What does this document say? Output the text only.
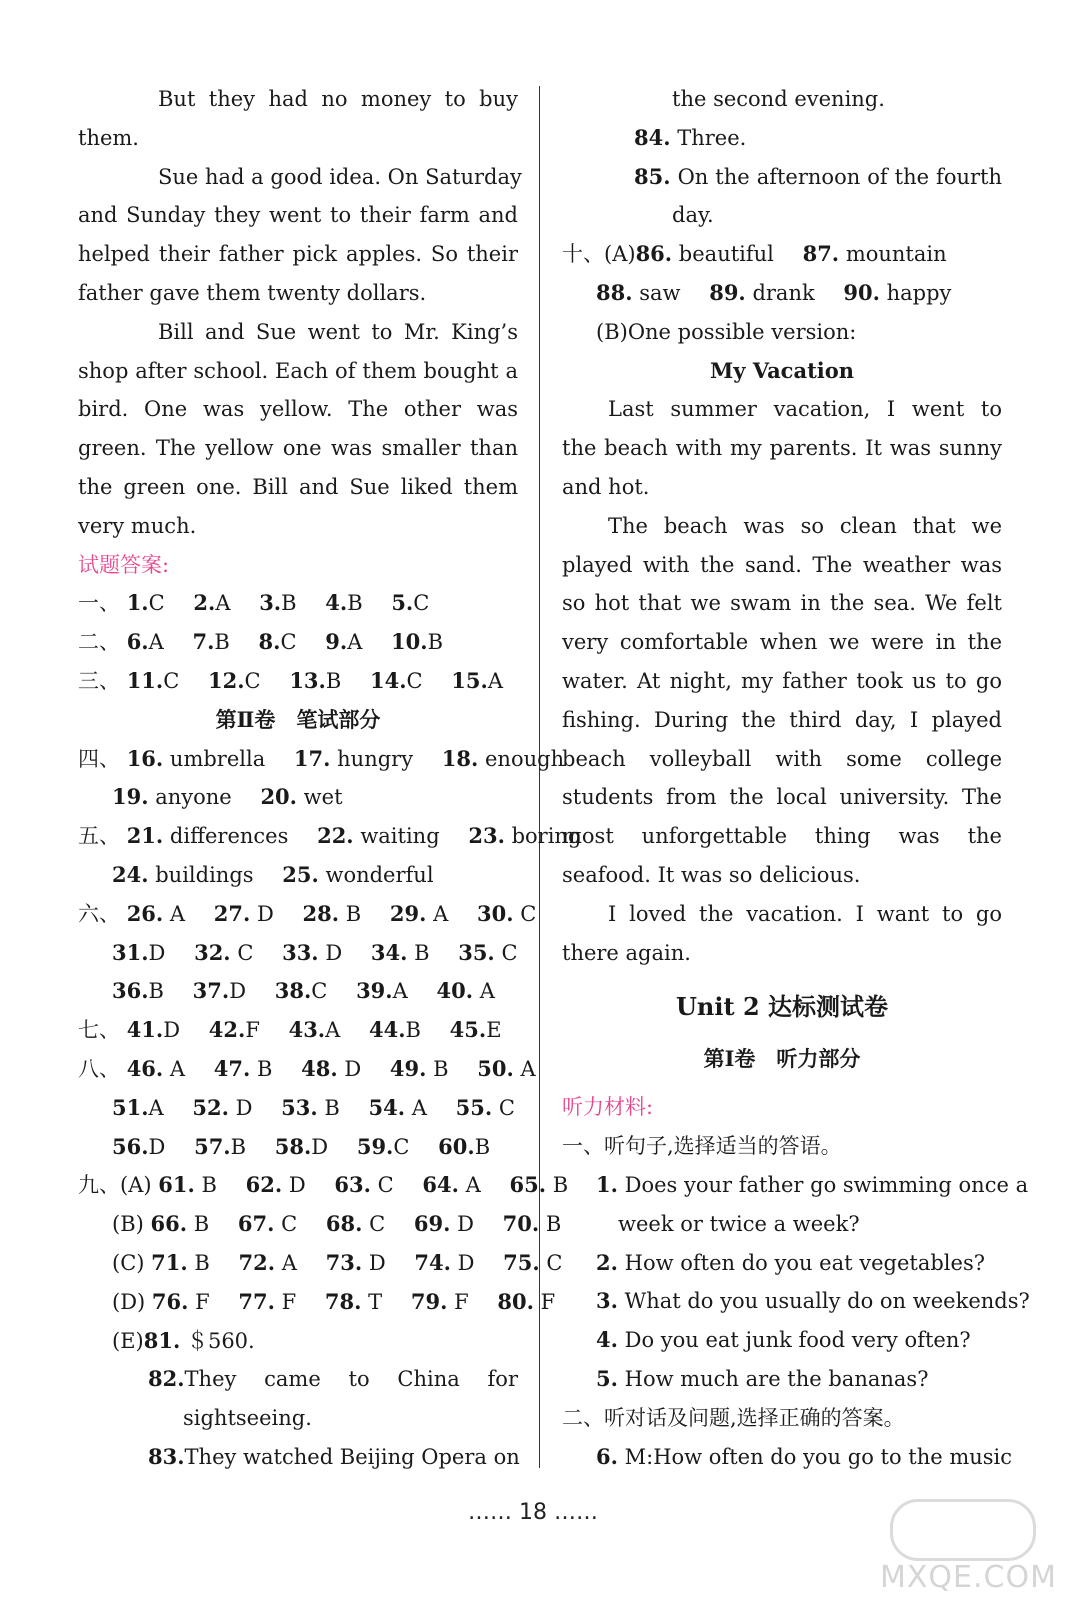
But they had no money to buy
them.
Sue had a good idea. On Saturday
and Sunday they went to their farm and
helped their father pick apples. So their
father gave them twenty dollars.
Bill and Sue went to Mr. King’s
shop after school. Each of them bought a
bird. One was yellow. The other was
green. The yellow one was smaller than
the green one. Bill and Sue liked them
very much.
试题答案:
一、 1.C 2.A 3.B 4.B 5.C
二、 6.A 7.B 8.C 9.A 10.B
三、 11.C 12.C 13.B 14.C 15.A
第Ⅱ卷　笔试部分
四、 16. umbrella 17. hungry 18. enough
19. anyone 20. wet
五、 21. differences 22. waiting 23. boring
24. buildings 25. wonderful
六、 26. A 27. D 28. B 29. A 30. C
31.D 32. C 33. D 34. B 35. C
36.B 37.D 38.C 39.A 40. A
七、 41.D 42.F 43.A 44.B 45.E
八、 46. A 47. B 48. D 49. B 50. A
51.A 52. D 53. B 54. A 55. C
56.D 57.B 58.D 59.C 60.B
九、(A) 61. B 62. D 63. C 64. A 65. B
(B) 66. B 67. C 68. C 69. D 70. B
(C) 71. B 72. A 73. D 74. D 75. C
(D) 76. F 77. F 78. T 79. F 80. F
(E)81. ＄560.
82.They came to China for
sightseeing.
83.They watched Beijing Opera on
the second evening.
84. Three.
85. On the afternoon of the fourth
day.
十、(A)86. beautiful 87. mountain
88. saw 89. drank 90. happy
(B)One possible version:
My Vacation
Last summer vacation, I went to
the beach with my parents. It was sunny
and hot.
The beach was so clean that we
played with the sand. The weather was
so hot that we swam in the sea. We felt
very comfortable when we were in the
water. At night, my father took us to go
fishing. During the third day, I played
beach volleyball with some college
students from the local university. The
most unforgettable thing was the
seafood. It was so delicious.
I loved the vacation. I want to go
there again.
Unit 2 达标测试卷
第Ⅰ卷　听力部分
听力材料:
一、听句子,选择适当的答语。
1. Does your father go swimming once a
week or twice a week?
2. How often do you eat vegetables?
3. What do you usually do on weekends?
4. Do you eat junk food very often?
5. How much are the bananas?
二、听对话及问题,选择正确的答案。
6. M:How often do you go to the music
…… 18 ……
MXQE.COM
